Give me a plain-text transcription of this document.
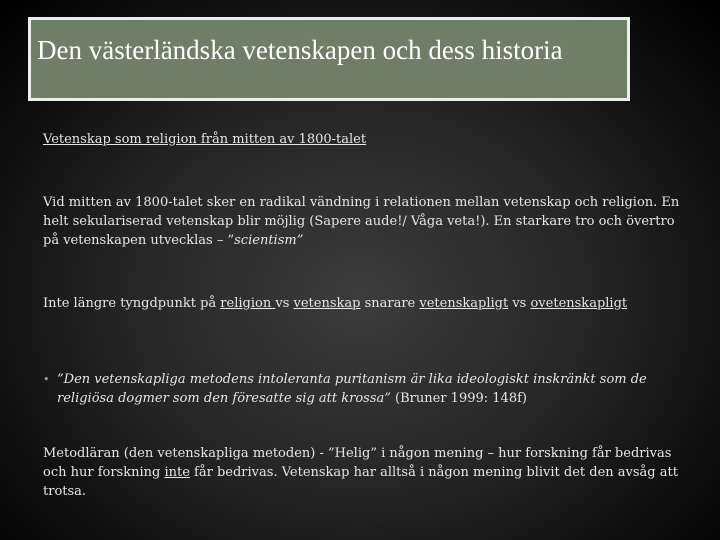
Den västerländska vetenskapen och dess historia
Vetenskap som religion från mitten av 1800-talet
Vid mitten av 1800-talet sker en radikal vändning i relationen mellan vetenskap och religion. En helt sekulariserad vetenskap blir möjlig (Sapere aude!/ Våga veta!). En starkare tro och övertro på vetenskapen utvecklas – ”scientism”
Inte längre tyngdpunkt på religion vs vetenskap snarare vetenskapligt vs ovetenskapligt
• ”Den vetenskapliga metodens intoleranta puritanism är lika ideologiskt inskränkt som de religiösa dogmer som den föresatte sig att krossa” (Bruner 1999: 148f)
Metodläran (den vetenskapliga metoden) - ”Helig” i någon mening – hur forskning får bedrivas och hur forskning inte får bedrivas. Vetenskap har alltså i någon mening blivit det den avsåg att trotsa.
